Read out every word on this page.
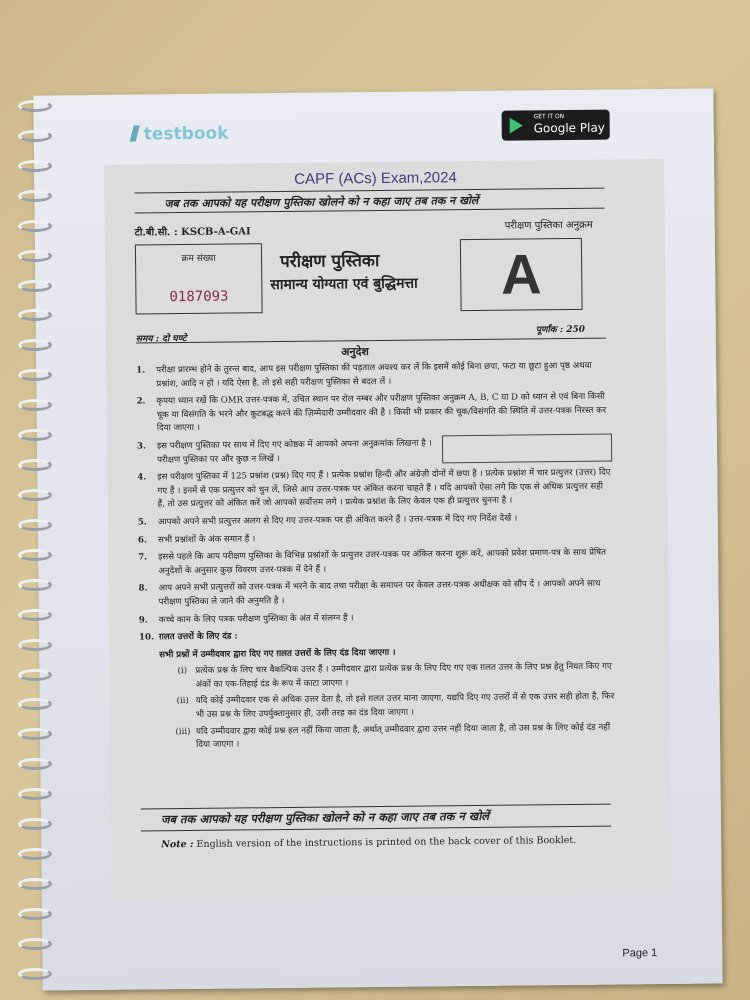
testbook
GET IT ON
Google Play
CAPF (ACs) Exam,2024
जब तक आपको यह परीक्षण पुस्तिका खोलने को न कहा जाए तब तक न खोलें
टी.बी.सी. : KSCB-A-GAI
परीक्षण पुस्तिका अनुक्रम
क्रम संख्या
0187093
परीक्षण पुस्तिका
सामान्य योग्यता एवं बुद्धिमत्ता	A
पूर्णांक : 250
समय : दो घण्टे
अनुदेश
1.	परीक्षा प्रारम्भ होने के तुरन्त बाद, आप इस परीक्षण पुस्तिका की पड़ताल अवश्य कर लें कि इसमें कोई बिना छपा, फटा या छूटा हुआ पृष्ठ अथवा प्रश्नांश, आदि न हो । यदि ऐसा है, तो इसे सही परीक्षण पुस्तिका से बदल लें ।
2.	कृपया ध्यान रखें कि OMR उत्तर-पत्रक में, उचित स्थान पर रोल नम्बर और परीक्षण पुस्तिका अनुक्रम A, B, C या D को ध्यान से एवं बिना किसी चूक या विसंगति के भरने और कूटबद्ध करने की ज़िम्मेदारी उम्मीदवार की है । किसी भी प्रकार की चूक/विसंगति की स्थिति में उत्तर-पत्रक निरस्त कर दिया जाएगा ।
3.	इस परीक्षण पुस्तिका पर साथ में दिए गए कोष्ठक में आपको अपना अनुक्रमांक लिखना है । परीक्षण पुस्तिका पर और कुछ न लिखें ।
4.	इस परीक्षण पुस्तिका में 125 प्रश्नांश (प्रश्न) दिए गए हैं । प्रत्येक प्रश्नांश हिन्दी और अंग्रेज़ी दोनों में छपा है । प्रत्येक प्रश्नांश में चार प्रत्युत्तर (उत्तर) दिए गए हैं । इनमें से एक प्रत्युत्तर को चुन लें, जिसे आप उत्तर-पत्रक पर अंकित करना चाहते हैं । यदि आपको ऐसा लगे कि एक से अधिक प्रत्युत्तर सही हैं, तो उस प्रत्युत्तर को अंकित करें जो आपको सर्वोत्तम लगे । प्रत्येक प्रश्नांश के लिए केवल एक ही प्रत्युत्तर चुनना है ।
5.	आपको अपने सभी प्रत्युत्तर अलग से दिए गए उत्तर-पत्रक पर ही अंकित करने हैं । उत्तर-पत्रक में दिए गए निर्देश देखें ।
6.	सभी प्रश्नांशों के अंक समान हैं ।
7.	इससे पहले कि आप परीक्षण पुस्तिका के विभिन्न प्रश्नांशों के प्रत्युत्तर उत्तर-पत्रक पर अंकित करना शुरू करें, आपको प्रवेश प्रमाण-पत्र के साथ प्रेषित अनुदेशों के अनुसार कुछ विवरण उत्तर-पत्रक में देने हैं ।
8.	आप अपने सभी प्रत्युत्तरों को उत्तर-पत्रक में भरने के बाद तथा परीक्षा के समापन पर केवल उत्तर-पत्रक अधीक्षक को सौंप दें । आपको अपने साथ परीक्षण पुस्तिका ले जाने की अनुमति है ।
9.	कच्चे काम के लिए पत्रक परीक्षण पुस्तिका के अंत में संलग्न हैं ।
10. ग़लत उत्तरों के लिए दंड :
सभी प्रश्नों में उम्मीदवार द्वारा दिए गए ग़लत उत्तरों के लिए दंड दिया जाएगा ।
(i) प्रत्येक प्रश्न के लिए चार वैकल्पिक उत्तर हैं । उम्मीदवार द्वारा प्रत्येक प्रश्न के लिए दिए गए एक ग़लत उत्तर के लिए प्रश्न हेतु नियत किए गए अंकों का एक-तिहाई दंड के रूप में काटा जाएगा ।
(ii) यदि कोई उम्मीदवार एक से अधिक उत्तर देता है, तो इसे ग़लत उत्तर माना जाएगा, यद्यपि दिए गए उत्तरों में से एक उत्तर सही होता है, फिर भी उस प्रश्न के लिए उपर्युक्तानुसार ही, उसी तरह का दंड दिया जाएगा ।
(iii) यदि उम्मीदवार द्वारा कोई प्रश्न हल नहीं किया जाता है, अर्थात् उम्मीदवार द्वारा उत्तर नहीं दिया जाता है, तो उस प्रश्न के लिए कोई दंड नहीं दिया जाएगा ।
जब तक आपको यह परीक्षण पुस्तिका खोलने को न कहा जाए तब तक न खोलें
Note : English version of the instructions is printed on the back cover of this Booklet.
Page 1
